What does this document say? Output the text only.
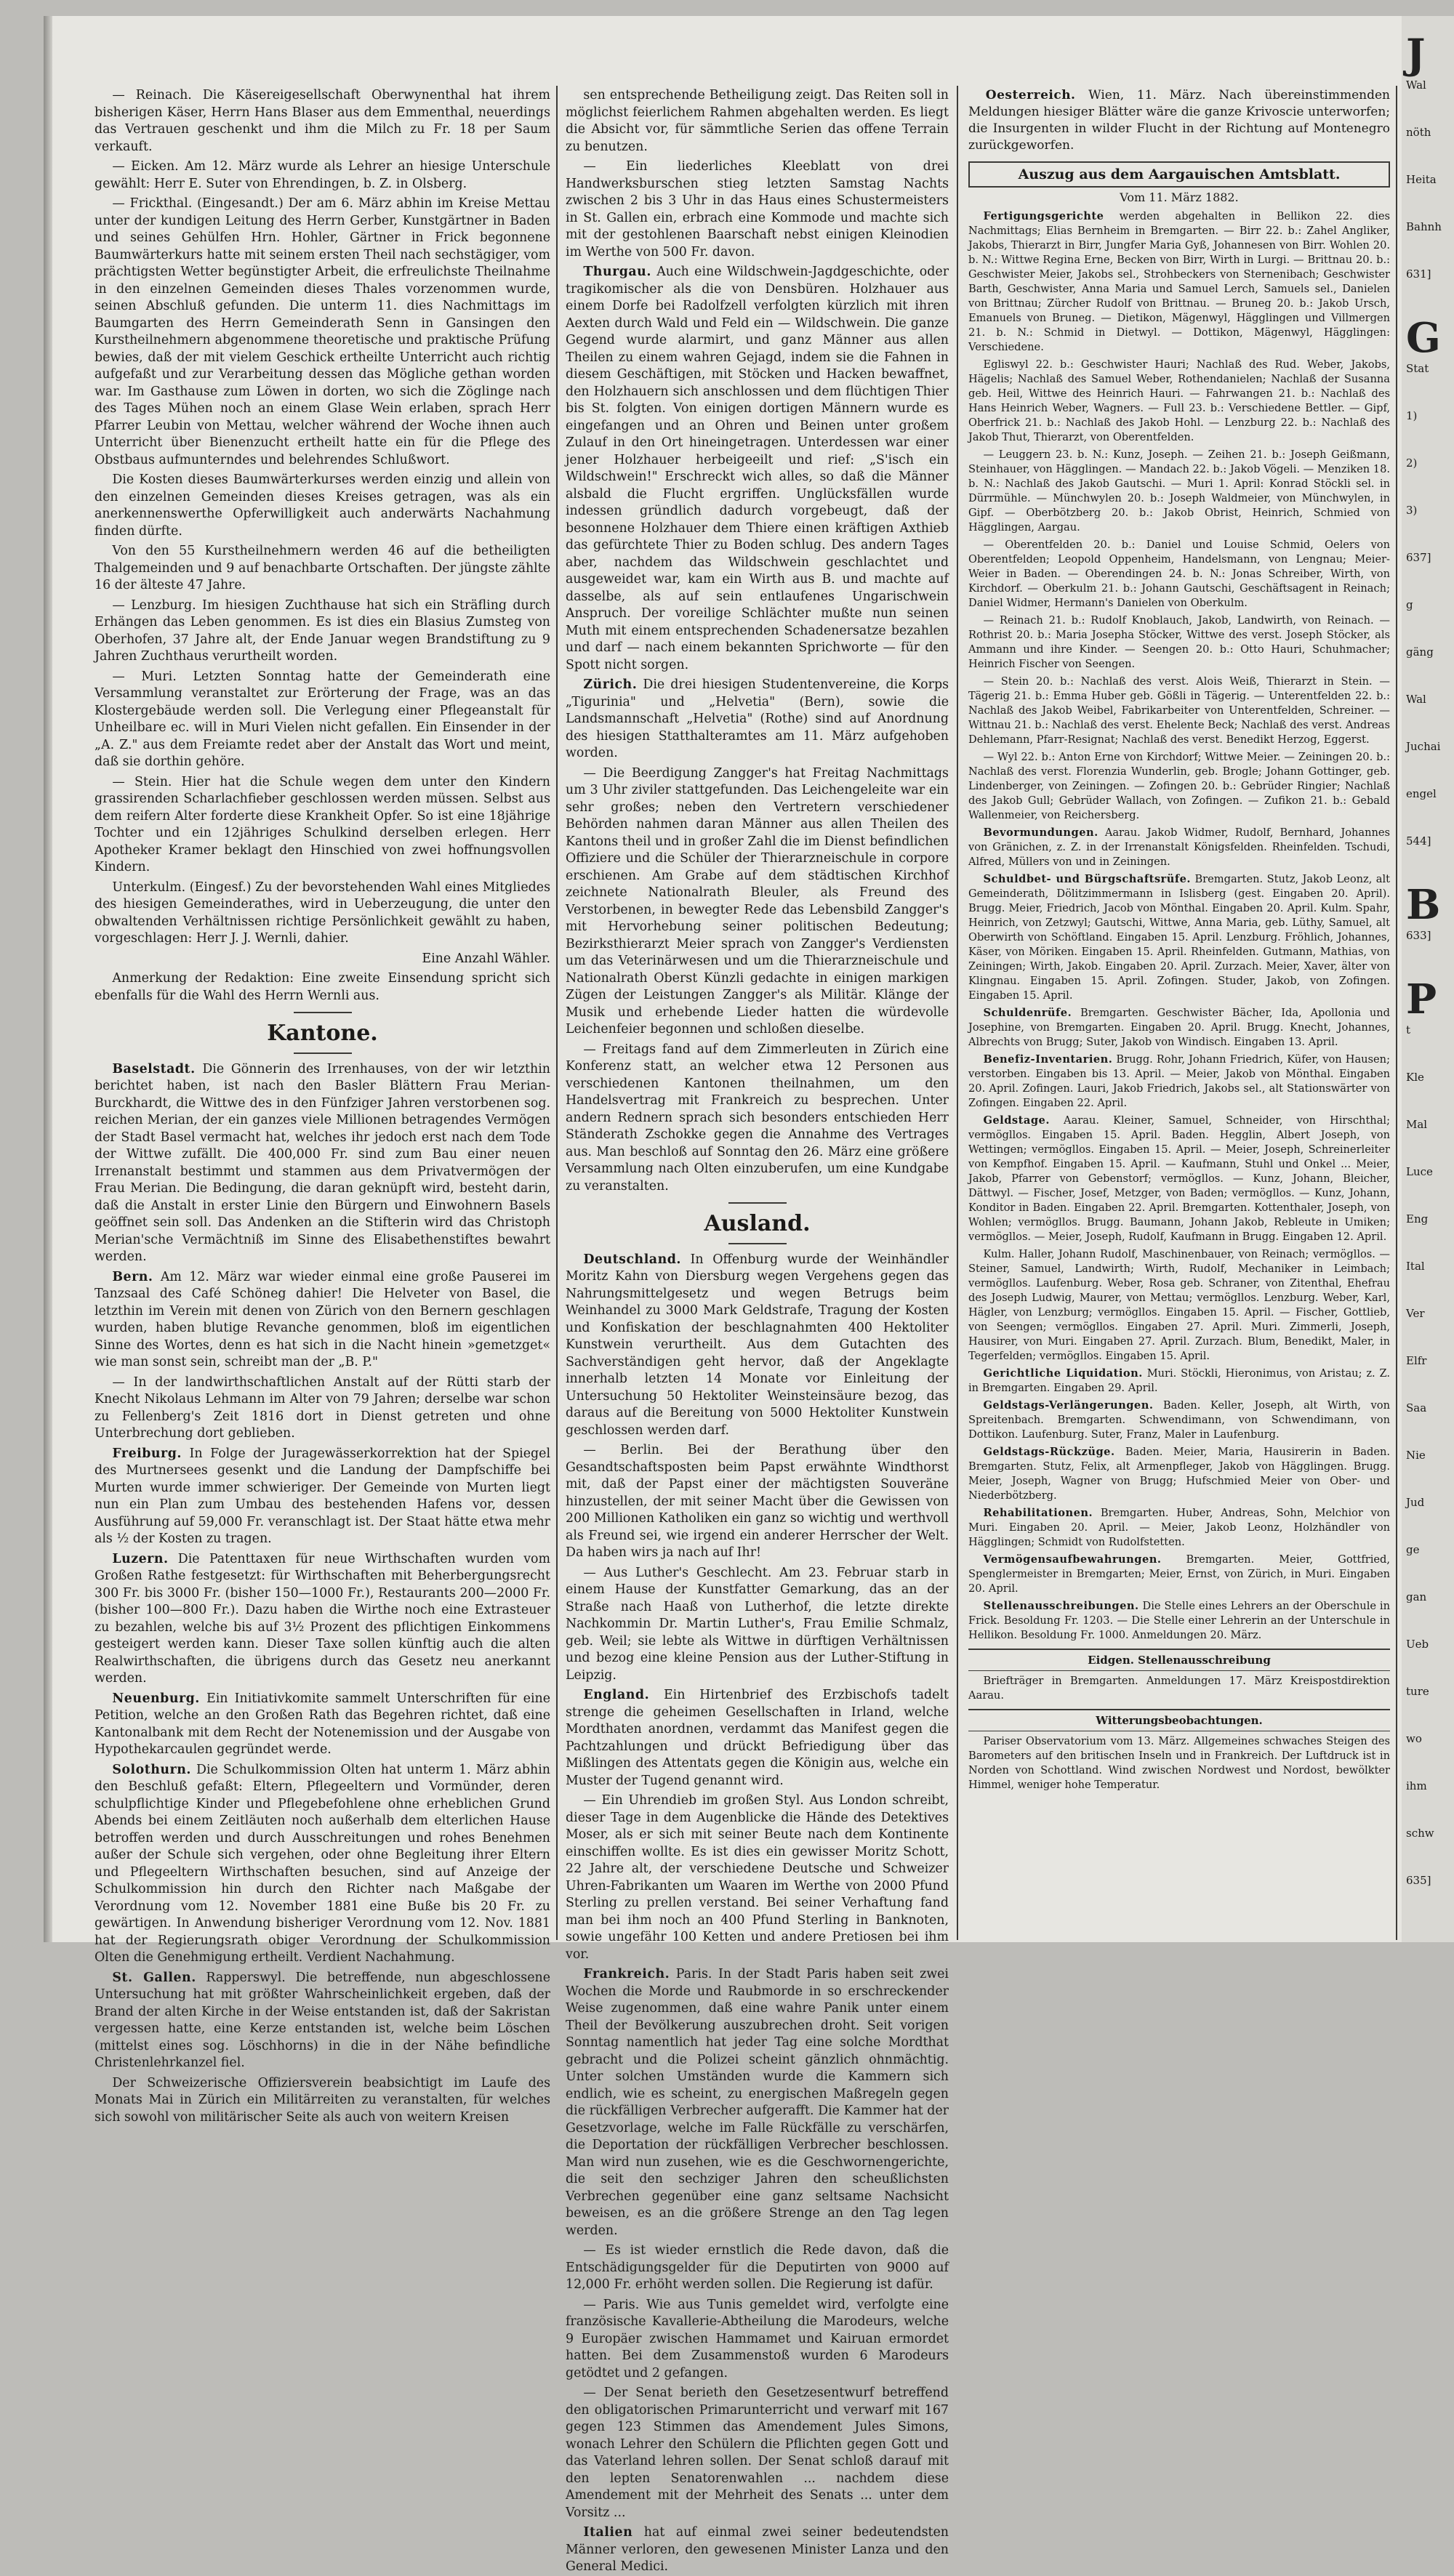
— Reinach. Die Käsereigesellschaft Oberwynenthal hat ihrem bisherigen Käser, Herrn Hans Blaser aus dem Emmenthal, neuerdings das Vertrauen geschenkt und ihm die Milch zu Fr. 18 per Saum verkauft.

— Eicken. Am 12. März wurde als Lehrer an hiesige Unterschule gewählt: Herr E. Suter von Ehrendingen, b. Z. in Olsberg.

— Frickthal. (Eingesandt.) Der am 6. März abhin im Kreise Mettau unter der kundigen Leitung des Herrn Gerber, Kunstgärtner in Baden und seines Gehülfen Hrn. Hohler, Gärtner in Frick begonnene Baumwärterkurs hatte mit seinem ersten Theil nach sechstägiger, vom prächtigsten Wetter begünstigter Arbeit, die erfreulichste Theilnahme in den einzelnen Gemeinden dieses Thales vorzenommen wurde, seinen Abschluß gefunden. Die unterm 11. dies Nachmittags im Baumgarten des Herrn Gemeinderath Senn in Gansingen den Kurstheilnehmern abgenommene theoretische und praktische Prüfung bewies, daß der mit vielem Geschick ertheilte Unterricht auch richtig aufgefaßt und zur Verarbeitung dessen das Mögliche gethan worden war. Im Gasthause zum Löwen in dorten, wo sich die Zöglinge nach des Tages Mühen noch an einem Glase Wein erlaben, sprach Herr Pfarrer Leubin von Mettau, welcher während der Woche ihnen auch Unterricht über Bienenzucht ertheilt hatte ein für die Pflege des Obstbaus aufmunterndes und belehrendes Schlußwort.

Die Kosten dieses Baumwärterkurses werden einzig und allein von den einzelnen Gemeinden dieses Kreises getragen, was als ein anerkennenswerthe Opferwilligkeit auch anderwärts Nachahmung finden dürfte.

Von den 55 Kurstheilnehmern werden 46 auf die betheiligten Thalgemeinden und 9 auf benachbarte Ortschaften. Der jüngste zählte 16 der älteste 47 Jahre.

— Lenzburg. Im hiesigen Zuchthause hat sich ein Sträfling durch Erhängen das Leben genommen. Es ist dies ein Blasius Zumsteg von Oberhofen, 37 Jahre alt, der Ende Januar wegen Brandstiftung zu 9 Jahren Zuchthaus verurtheilt worden.

— Muri. Letzten Sonntag hatte der Gemeinderath eine Versammlung veranstaltet zur Erörterung der Frage, was an das Klostergebäude werden soll. Die Verlegung einer Pflegeanstalt für Unheilbare ec. will in Muri Vielen nicht gefallen. Ein Einsender in der „A. Z." aus dem Freiamte redet aber der Anstalt das Wort und meint, daß sie dorthin gehöre.

— Stein. Hier hat die Schule wegen dem unter den Kindern grassirenden Scharlachfieber geschlossen werden müssen. Selbst aus dem reifern Alter forderte diese Krankheit Opfer. So ist eine 18jährige Tochter und ein 12jähriges Schulkind derselben erlegen. Herr Apotheker Kramer beklagt den Hinschied von zwei hoffnungsvollen Kindern.

Unterkulm. (Eingesf.) Zu der bevorstehenden Wahl eines Mitgliedes des hiesigen Gemeinderathes, wird in Ueberzeugung, die unter den obwaltenden Verhältnissen richtige Persönlichkeit gewählt zu haben, vorgeschlagen: Herr J. J. Wernli, dahier.

Eine Anzahl Wähler.

Anmerkung der Redaktion: Eine zweite Einsendung spricht sich ebenfalls für die Wahl des Herrn Wernli aus.

Kantone.

Baselstadt. Die Gönnerin des Irrenhauses, von der wir letzthin berichtet haben, ist nach den Basler Blättern Frau Merian-Burckhardt, die Wittwe des in den Fünfziger Jahren verstorbenen sog. reichen Merian, der ein ganzes viele Millionen betragendes Vermögen der Stadt Basel vermacht hat, welches ihr jedoch erst nach dem Tode der Wittwe zufällt. Die 400,000 Fr. sind zum Bau einer neuen Irrenanstalt bestimmt und stammen aus dem Privatvermögen der Frau Merian. Die Bedingung, die daran geknüpft wird, besteht darin, daß die Anstalt in erster Linie den Bürgern und Einwohnern Basels geöffnet sein soll. Das Andenken an die Stifterin wird das Christoph Merian'sche Vermächtniß im Sinne des Elisabethenstiftes bewahrt werden.

Bern. Am 12. März war wieder einmal eine große Pauserei im Tanzsaal des Café Schöneg dahier! Die Helveter von Basel, die letzthin im Verein mit denen von Zürich von den Bernern geschlagen wurden, haben blutige Revanche genommen, bloß im eigentlichen Sinne des Wortes, denn es hat sich in die Nacht hinein »gemetzget« wie man sonst sein, schreibt man der „B. P."

— In der landwirthschaftlichen Anstalt auf der Rütti starb der Knecht Nikolaus Lehmann im Alter von 79 Jahren; derselbe war schon zu Fellenberg's Zeit 1816 dort in Dienst getreten und ohne Unterbrechung dort geblieben.

Freiburg. In Folge der Juragewässerkorrektion hat der Spiegel des Murtnersees gesenkt und die Landung der Dampfschiffe bei Murten wurde immer schwieriger. Der Gemeinde von Murten liegt nun ein Plan zum Umbau des bestehenden Hafens vor, dessen Ausführung auf 59,000 Fr. veranschlagt ist. Der Staat hätte etwa mehr als ½ der Kosten zu tragen.

Luzern. Die Patenttaxen für neue Wirthschaften wurden vom Großen Rathe festgesetzt: für Wirthschaften mit Beherbergungsrecht 300 Fr. bis 3000 Fr. (bisher 150—1000 Fr.), Restaurants 200—2000 Fr. (bisher 100—800 Fr.). Dazu haben die Wirthe noch eine Extrasteuer zu bezahlen, welche bis auf 3½ Prozent des pflichtigen Einkommens gesteigert werden kann. Dieser Taxe sollen künftig auch die alten Realwirthschaften, die übrigens durch das Gesetz neu anerkannt werden.

Neuenburg. Ein Initiativkomite sammelt Unterschriften für eine Petition, welche an den Großen Rath das Begehren richtet, daß eine Kantonalbank mit dem Recht der Notenemission und der Ausgabe von Hypothekarcaulen gegründet werde.

Solothurn. Die Schulkommission Olten hat unterm 1. März abhin den Beschluß gefaßt: Eltern, Pflegeeltern und Vormünder, deren schulpflichtige Kinder und Pflegebefohlene ohne erheblichen Grund Abends bei einem Zeitläuten noch außerhalb dem elterlichen Hause betroffen werden und durch Ausschreitungen und rohes Benehmen außer der Schule sich vergehen, oder ohne Begleitung ihrer Eltern und Pflegeeltern Wirthschaften besuchen, sind auf Anzeige der Schulkommission hin durch den Richter nach Maßgabe der Verordnung vom 12. November 1881 eine Buße bis 20 Fr. zu gewärtigen. In Anwendung bisheriger Verordnung vom 12. Nov. 1881 hat der Regierungsrath obiger Verordnung der Schulkommission Olten die Genehmigung ertheilt. Verdient Nachahmung.

St. Gallen. Rapperswyl. Die betreffende, nun abgeschlossene Untersuchung hat mit größter Wahrscheinlichkeit ergeben, daß der Brand der alten Kirche in der Weise entstanden ist, daß der Sakristan vergessen hatte, eine Kerze entstanden ist, welche beim Löschen (mittelst eines sog. Löschhorns) in die in der Nähe befindliche Christenlehrkanzel fiel.

Der Schweizerische Offiziersverein beabsichtigt im Laufe des Monats Mai in Zürich ein Militärreiten zu veranstalten, für welches sich sowohl von militärischer Seite als auch von weitern Kreisen

sen entsprechende Betheiligung zeigt. Das Reiten soll in möglichst feierlichem Rahmen abgehalten werden. Es liegt die Absicht vor, für sämmtliche Serien das offene Terrain zu benutzen.

— Ein liederliches Kleeblatt von drei Handwerksburschen stieg letzten Samstag Nachts zwischen 2 bis 3 Uhr in das Haus eines Schustermeisters in St. Gallen ein, erbrach eine Kommode und machte sich mit der gestohlenen Baarschaft nebst einigen Kleinodien im Werthe von 500 Fr. davon.

Thurgau. Auch eine Wildschwein-Jagdgeschichte, oder tragikomischer als die von Densbüren. Holzhauer aus einem Dorfe bei Radolfzell verfolgten kürzlich mit ihren Aexten durch Wald und Feld ein — Wildschwein. Die ganze Gegend wurde alarmirt, und ganz Männer aus allen Theilen zu einem wahren Gejagd, indem sie die Fahnen in diesem Geschäftigen, mit Stöcken und Hacken bewaffnet, den Holzhauern sich anschlossen und dem flüchtigen Thier bis St. folgten. Von einigen dortigen Männern wurde es eingefangen und an Ohren und Beinen unter großem Zulauf in den Ort hineingetragen. Unterdessen war einer jener Holzhauer herbeigeeilt und rief: „S'isch ein Wildschwein!" Erschreckt wich alles, so daß die Männer alsbald die Flucht ergriffen. Unglücksfällen wurde indessen gründlich dadurch vorgebeugt, daß der besonnene Holzhauer dem Thiere einen kräftigen Axthieb das gefürchtete Thier zu Boden schlug. Des andern Tages aber, nachdem das Wildschwein geschlachtet und ausgeweidet war, kam ein Wirth aus B. und machte auf dasselbe, als auf sein entlaufenes Ungarischwein Anspruch. Der voreilige Schlächter mußte nun seinen Muth mit einem entsprechenden Schadenersatze bezahlen und darf — nach einem bekannten Sprichworte — für den Spott nicht sorgen.

Zürich. Die drei hiesigen Studentenvereine, die Korps „Tigurinia" und „Helvetia" (Bern), sowie die Landsmannschaft „Helvetia" (Rothe) sind auf Anordnung des hiesigen Statthalteramtes am 11. März aufgehoben worden.

— Die Beerdigung Zangger's hat Freitag Nachmittags um 3 Uhr ziviler stattgefunden. Das Leichengeleite war ein sehr großes; neben den Vertretern verschiedener Behörden nahmen daran Männer aus allen Theilen des Kantons theil und in großer Zahl die im Dienst befindlichen Offiziere und die Schüler der Thierarzneischule in corpore erschienen. Am Grabe auf dem städtischen Kirchhof zeichnete Nationalrath Bleuler, als Freund des Verstorbenen, in bewegter Rede das Lebensbild Zangger's mit Hervorhebung seiner politischen Bedeutung; Bezirksthierarzt Meier sprach von Zangger's Verdiensten um das Veterinärwesen und um die Thierarzneischule und Nationalrath Oberst Künzli gedachte in einigen markigen Zügen der Leistungen Zangger's als Militär. Klänge der Musik und erhebende Lieder hatten die würdevolle Leichenfeier begonnen und schloßen dieselbe.

— Freitags fand auf dem Zimmerleuten in Zürich eine Konferenz statt, an welcher etwa 12 Personen aus verschiedenen Kantonen theilnahmen, um den Handelsvertrag mit Frankreich zu besprechen. Unter andern Rednern sprach sich besonders entschieden Herr Ständerath Zschokke gegen die Annahme des Vertrages aus. Man beschloß auf Sonntag den 26. März eine größere Versammlung nach Olten einzuberufen, um eine Kundgabe zu veranstalten.

Ausland.

Deutschland. In Offenburg wurde der Weinhändler Moritz Kahn von Diersburg wegen Vergehens gegen das Nahrungsmittelgesetz und wegen Betrugs beim Weinhandel zu 3000 Mark Geldstrafe, Tragung der Kosten und Konfiskation der beschlagnahmten 400 Hektoliter Kunstwein verurtheilt. Aus dem Gutachten des Sachverständigen geht hervor, daß der Angeklagte innerhalb letzten 14 Monate vor Einleitung der Untersuchung 50 Hektoliter Weinsteinsäure bezog, das daraus auf die Bereitung von 5000 Hektoliter Kunstwein geschlossen werden darf.

— Berlin. Bei der Berathung über den Gesandtschaftsposten beim Papst erwähnte Windthorst mit, daß der Papst einer der mächtigsten Souveräne hinzustellen, der mit seiner Macht über die Gewissen von 200 Millionen Katholiken ein ganz so wichtig und werthvoll als Freund sei, wie irgend ein anderer Herrscher der Welt. Da haben wirs ja nach auf Ihr!

— Aus Luther's Geschlecht. Am 23. Februar starb in einem Hause der Kunstfatter Gemarkung, das an der Straße nach Haaß von Lutherhof, die letzte direkte Nachkommin Dr. Martin Luther's, Frau Emilie Schmalz, geb. Weil; sie lebte als Wittwe in dürftigen Verhältnissen und bezog eine kleine Pension aus der Luther-Stiftung in Leipzig.

England. Ein Hirtenbrief des Erzbischofs tadelt strenge die geheimen Gesellschaften in Irland, welche Mordthaten anordnen, verdammt das Manifest gegen die Pachtzahlungen und drückt Befriedigung über das Mißlingen des Attentats gegen die Königin aus, welche ein Muster der Tugend genannt wird.

— Ein Uhrendieb im großen Styl. Aus London schreibt, dieser Tage in dem Augenblicke die Hände des Detektives Moser, als er sich mit seiner Beute nach dem Kontinente einschiffen wollte. Es ist dies ein gewisser Moritz Schott, 22 Jahre alt, der verschiedene Deutsche und Schweizer Uhren-Fabrikanten um Waaren im Werthe von 2000 Pfund Sterling zu prellen verstand. Bei seiner Verhaftung fand man bei ihm noch an 400 Pfund Sterling in Banknoten, sowie ungefähr 100 Ketten und andere Pretiosen bei ihm vor.

Frankreich. Paris. In der Stadt Paris haben seit zwei Wochen die Morde und Raubmorde in so erschreckender Weise zugenommen, daß eine wahre Panik unter einem Theil der Bevölkerung auszubrechen droht. Seit vorigen Sonntag namentlich hat jeder Tag eine solche Mordthat gebracht und die Polizei scheint gänzlich ohnmächtig. Unter solchen Umständen wurde die Kammern sich endlich, wie es scheint, zu energischen Maßregeln gegen die rückfälligen Verbrecher aufgerafft. Die Kammer hat der Gesetzvorlage, welche im Falle Rückfälle zu verschärfen, die Deportation der rückfälligen Verbrecher beschlossen. Man wird nun zusehen, wie es die Geschwornengerichte, die seit den sechziger Jahren den scheußlichsten Verbrechen gegenüber eine ganz seltsame Nachsicht beweisen, es an die größere Strenge an den Tag legen werden.

— Es ist wieder ernstlich die Rede davon, daß die Entschädigungsgelder für die Deputirten von 9000 auf 12,000 Fr. erhöht werden sollen. Die Regierung ist dafür.

— Paris. Wie aus Tunis gemeldet wird, verfolgte eine französische Kavallerie-Abtheilung die Marodeurs, welche 9 Europäer zwischen Hammamet und Kairuan ermordet hatten. Bei dem Zusammenstoß wurden 6 Marodeurs getödtet und 2 gefangen.

— Der Senat berieth den Gesetzesentwurf betreffend den obligatorischen Primarunterricht und verwarf mit 167 gegen 123 Stimmen das Amendement Jules Simons, wonach Lehrer den Schülern die Pflichten gegen Gott und das Vaterland lehren sollen. Der Senat schloß darauf mit den lepten Senatorenwahlen ... nachdem diese Amendement mit der Mehrheit des Senats ... unter dem Vorsitz ...

Italien hat auf einmal zwei seiner bedeutendsten Männer verloren, den gewesenen Minister Lanza und den General Medici.

Oesterreich. Wien, 11. März. Nach übereinstimmenden Meldungen hiesiger Blätter wäre die ganze Krivoscie unterworfen; die Insurgenten in wilder Flucht in der Richtung auf Montenegro zurückgeworfen.

Auszug aus dem Aargauischen Amtsblatt.
Vom 11. März 1882.

Fertigungsgerichte werden abgehalten in Bellikon 22. dies Nachmittags; Elias Bernheim in Bremgarten. — Birr 22. b.: Zahel Angliker, Jakobs, Thierarzt in Birr, Jungfer Maria Gyß, Johannesen von Birr. Wohlen 20. b. N.: Wittwe Regina Erne, Becken von Birr, Wirth in Lurgi. — Brittnau 20. b.: Geschwister Meier, Jakobs sel., Strohbeckers von Sternenibach; Geschwister Barth, Geschwister, Anna Maria und Samuel Lerch, Samuels sel., Danielen von Brittnau; Zürcher Rudolf von Brittnau. — Bruneg 20. b.: Jakob Ursch, Emanuels von Bruneg. — Dietikon, Mägenwyl, Hägglingen und Villmergen 21. b. N.: Schmid in Dietwyl. — Dottikon, Mägenwyl, Hägglingen: Verschiedene.

Egliswyl 22. b.: Geschwister Hauri; Nachlaß des Rud. Weber, Jakobs, Hägelis; Nachlaß des Samuel Weber, Rothendanielen; Nachlaß der Susanna geb. Heil, Wittwe des Heinrich Hauri. — Fahrwangen 21. b.: Nachlaß des Hans Heinrich Weber, Wagners. — Full 23. b.: Verschiedene Bettler. — Gipf, Oberfrick 21. b.: Nachlaß des Jakob Hohl. — Lenzburg 22. b.: Nachlaß des Jakob Thut, Thierarzt, von Oberentfelden.

— Leuggern 23. b. N.: Kunz, Joseph. — Zeihen 21. b.: Joseph Geißmann, Steinhauer, von Hägglingen. — Mandach 22. b.: Jakob Vögeli. — Menziken 18. b. N.: Nachlaß des Jakob Gautschi. — Muri 1. April: Konrad Stöckli sel. in Dürrmühle. — Münchwylen 20. b.: Joseph Waldmeier, von Münchwylen, in Gipf. — Oberbötzberg 20. b.: Jakob Obrist, Heinrich, Schmied von Hägglingen, Aargau.

— Oberentfelden 20. b.: Daniel und Louise Schmid, Oelers von Oberentfelden; Leopold Oppenheim, Handelsmann, von Lengnau; Meier-Weier in Baden. — Oberendingen 24. b. N.: Jonas Schreiber, Wirth, von Kirchdorf. — Oberkulm 21. b.: Johann Gautschi, Geschäftsagent in Reinach; Daniel Widmer, Hermann's Danielen von Oberkulm.

— Reinach 21. b.: Rudolf Knoblauch, Jakob, Landwirth, von Reinach. — Rothrist 20. b.: Maria Josepha Stöcker, Wittwe des verst. Joseph Stöcker, als Ammann und ihre Kinder. — Seengen 20. b.: Otto Hauri, Schuhmacher; Heinrich Fischer von Seengen.

— Stein 20. b.: Nachlaß des verst. Alois Weiß, Thierarzt in Stein. — Tägerig 21. b.: Emma Huber geb. Gößli in Tägerig. — Unterentfelden 22. b.: Nachlaß des Jakob Weibel, Fabrikarbeiter von Unterentfelden, Schreiner. — Wittnau 21. b.: Nachlaß des verst. Ehelente Beck; Nachlaß des verst. Andreas Dehlemann, Pfarr-Resignat; Nachlaß des verst. Benedikt Herzog, Eggerst.

— Wyl 22. b.: Anton Erne von Kirchdorf; Wittwe Meier. — Zeiningen 20. b.: Nachlaß des verst. Florenzia Wunderlin, geb. Brogle; Johann Gottinger, geb. Lindenberger, von Zeiningen. — Zofingen 20. b.: Gebrüder Ringier; Nachlaß des Jakob Gull; Gebrüder Wallach, von Zofingen. — Zufikon 21. b.: Gebald Wallenmeier, von Reichersberg.

Bevormundungen. Aarau. Jakob Widmer, Rudolf, Bernhard, Johannes von Gränichen, z. Z. in der Irrenanstalt Königsfelden. Rheinfelden. Tschudi, Alfred, Müllers von und in Zeiningen.

Schuldbet- und Bürgschaftsrüfe. Bremgarten. Stutz, Jakob Leonz, alt Gemeinderath, Dölitzimmermann in Islisberg (gest. Eingaben 20. April). Brugg. Meier, Friedrich, Jacob von Mönthal. Eingaben 20. April. Kulm. Spahr, Heinrich, von Zetzwyl; Gautschi, Wittwe, Anna Maria, geb. Lüthy, Samuel, alt Oberwirth von Schöftland. Eingaben 15. April. Lenzburg. Fröhlich, Johannes, Käser, von Möriken. Eingaben 15. April. Rheinfelden. Gutmann, Mathias, von Zeiningen; Wirth, Jakob. Eingaben 20. April. Zurzach. Meier, Xaver, älter von Klingnau. Eingaben 15. April. Zofingen. Studer, Jakob, von Zofingen. Eingaben 15. April.

Schuldenrüfe. Bremgarten. Geschwister Bächer, Ida, Apollonia und Josephine, von Bremgarten. Eingaben 20. April. Brugg. Knecht, Johannes, Albrechts von Brugg; Suter, Jakob von Windisch. Eingaben 13. April.

Benefiz-Inventarien. Brugg. Rohr, Johann Friedrich, Küfer, von Hausen; verstorben. Eingaben bis 13. April. — Meier, Jakob von Mönthal. Eingaben 20. April. Zofingen. Lauri, Jakob Friedrich, Jakobs sel., alt Stationswärter von Zofingen. Eingaben 22. April.

Geldstage. Aarau. Kleiner, Samuel, Schneider, von Hirschthal; vermögllos. Eingaben 15. April. Baden. Hegglin, Albert Joseph, von Wettingen; vermögllos. Eingaben 15. April. — Meier, Joseph, Schreinerleiter von Kempfhof. Eingaben 15. April. — Kaufmann, Stuhl und Onkel ... Meier, Jakob, Pfarrer von Gebenstorf; vermögllos. — Kunz, Johann, Bleicher, Dättwyl. — Fischer, Josef, Metzger, von Baden; vermögllos. — Kunz, Johann, Konditor in Baden. Eingaben 22. April. Bremgarten. Kottenthaler, Joseph, von Wohlen; vermögllos. Brugg. Baumann, Johann Jakob, Rebleute in Umiken; vermögllos. — Meier, Joseph, Rudolf, Kaufmann in Brugg. Eingaben 12. April.

Kulm. Haller, Johann Rudolf, Maschinenbauer, von Reinach; vermögllos. — Steiner, Samuel, Landwirth; Wirth, Rudolf, Mechaniker in Leimbach; vermögllos. Laufenburg. Weber, Rosa geb. Schraner, von Zitenthal, Ehefrau des Joseph Ludwig, Maurer, von Mettau; vermögllos. Lenzburg. Weber, Karl, Hägler, von Lenzburg; vermögllos. Eingaben 15. April. — Fischer, Gottlieb, von Seengen; vermögllos. Eingaben 27. April. Muri. Zimmerli, Joseph, Hausirer, von Muri. Eingaben 27. April. Zurzach. Blum, Benedikt, Maler, in Tegerfelden; vermögllos. Eingaben 15. April.

Gerichtliche Liquidation. Muri. Stöckli, Hieronimus, von Aristau; z. Z. in Bremgarten. Eingaben 29. April.

Geldstags-Verlängerungen. Baden. Keller, Joseph, alt Wirth, von Spreitenbach. Bremgarten. Schwendimann, von Schwendimann, von Dottikon. Laufenburg. Suter, Franz, Maler in Laufenburg.

Geldstags-Rückzüge. Baden. Meier, Maria, Hausirerin in Baden. Bremgarten. Stutz, Felix, alt Armenpfleger, Jakob von Hägglingen. Brugg. Meier, Joseph, Wagner von Brugg; Hufschmied Meier von Ober- und Niederbötzberg.

Rehabilitationen. Bremgarten. Huber, Andreas, Sohn, Melchior von Muri. Eingaben 20. April. — Meier, Jakob Leonz, Holzhändler von Hägglingen; Schmidt von Rudolfstetten.

Vermögensaufbewahrungen. Bremgarten. Meier, Gottfried, Spenglermeister in Bremgarten; Meier, Ernst, von Zürich, in Muri. Eingaben 20. April.

Stellenausschreibungen. Die Stelle eines Lehrers an der Oberschule in Frick. Besoldung Fr. 1203. — Die Stelle einer Lehrerin an der Unterschule in Hellikon. Besoldung Fr. 1000. Anmeldungen 20. März.

Eidgen. Stellenausschreibung

Briefträger in Bremgarten. Anmeldungen 17. März Kreispostdirektion Aarau.

Witterungsbeobachtungen.

Pariser Observatorium vom 13. März. Allgemeines schwaches Steigen des Barometers auf den britischen Inseln und in Frankreich. Der Luftdruck ist in Norden von Schottland. Wind zwischen Nordwest und Nordost, bewölkter Himmel, weniger hohe Temperatur.

J
Wal
nöth
Heita
Bahnh
631]
G
Stat
1)
2)
3)
637]
g
gäng
Wal
Juchai
engel
544]
B
633]
P
t
Kle
Mal
Luce
Eng
Ital
Ver
Elfr
Saa
Nie
Jud
ge
gan
Ueb
ture
wo
ihm
schw
635]
